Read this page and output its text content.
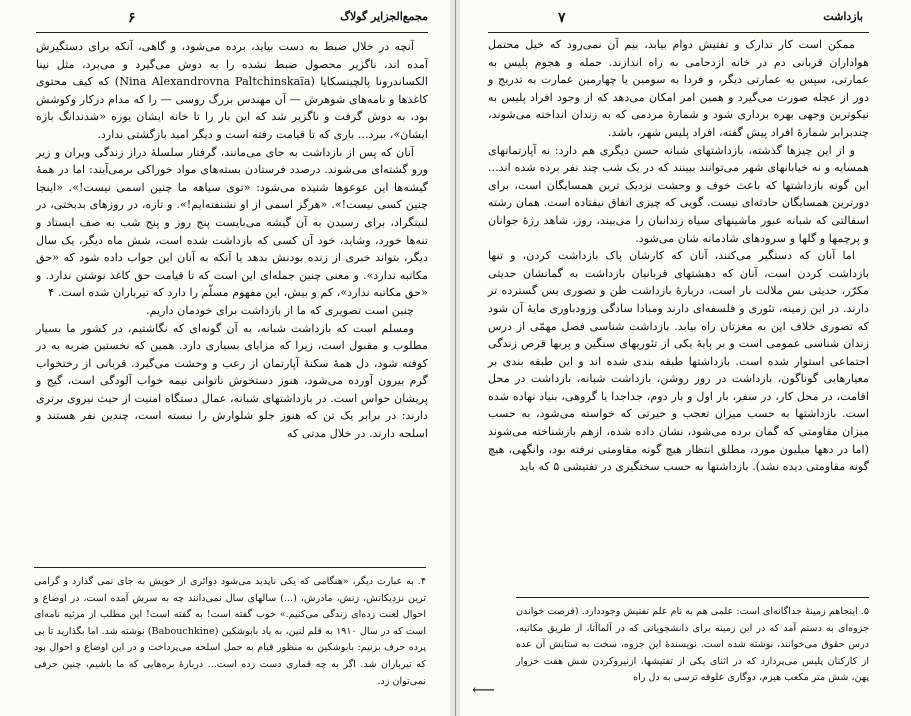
مجمع‌الجزایر گولاگ
۶

آنچه در خلال ضبط به دست بیاید، برده می‌شود، و گاهی، آنکه برای دستگیرش آمده اند، ناگزیر محصول ضبط نشده را به دوش می‌گیرد و می‌برد، مثل نینا الکساندرونا پالچینسکایا (Nina Alexandrovna Paltchinskaïa) که کیف محتوی کاغذها و نامه‌های شوهرش — آن مهندس بزرگ روسی — را که مدام درکار وکوشش بود، به دوش گرفت و ناگزیر شد که این بار را تا خانه ایشان یوزه «شدندانگ بازه ایشان»، ببرد... باری که تا قیامت رفته است و دیگر امید بازگشتی ندارد.

آنان که پس از بازداشت به جای می‌مانند، گرفتار سلسلهٔ دراز زندگی ویران و زیر ورو گشته‌ای می‌شوند. درصدد فرستادن بسته‌های مواد خوراکی برمی‌آیند: اما در همهٔ گیشه‌ها این عوعوها شنیده می‌شود: «توی سیاهه ما چنین اسمی نیست!». «اینجا چنین کسی نیست!». «هرگز اسمی از او نشنفته‌ایم!». و تازه، در روزهای بدبختی، در لنینگراد، برای رسیدن به آن گیشه می‌بایست پنج روز و پنج شب به صف ایستاد و تنه‌ها خورد، وشاید، خود آن کسی که بازداشت شده است، شش ماه دیگر، یک سال دیگر، بتواند خبری از زنده بودنش بدهد یا آنکه به آنان این جواب داده شود که «حق مکاتبه ندارد». و معنی چنین جمله‌ای این است که تا قیامت حق کاغذ نوشتن ندارد. و «حق مکاتبه ندارد»، کم و بیش، این مفهوم مسلّم را دارد که تیرباران شده است. ۴

چنین است تصویری که ما از بازداشت برای خودمان داریم.

ومسلم است که بازداشت شبانه، به آن گونه‌ای که نگاشتیم، در کشور ما بسیار مطلوب و مقبول است، زیرا که مزایای بسیاری دارد. همین که نخستین ضربه به در کوفته شود، دل همهٔ سکنهٔ آپارتمان از رعب و وحشت می‌گیرد. قربانی از رختخواب گرم بیرون آورده می‌شود، هنوز دستخوش ناتوانی نیمه خواب آلودگی است، گیج و پریشان حواس است. در بازداشتهای شبانه، عمال دستگاه امنیت از حیث نیروی برتری دارند: در برابر یک تن که هنوز جلو شلوارش را نبسته است، چندین نفر هستند و اسلحه دارند. در خلال مدتی که

۴. به عبارت دیگر، «هنگامی که یکی ناپدید می‌شود دوائری از خویش به جای نمی گذارد و گرامی ترین نزدیکانش، زنش، مادرش، (...) سالهای سال نمی‌دانند چه به سرش آمده است، در اوضاع و احوال لعنت زده‌ای زندگی می‌کنیم.» خوب گفته است! به گفته است! این مطلب از مرثیه نامه‌ای است که در سال ۱۹۱۰ به قلم لنین، به یاد بابوشکین (Babouchkine) نوشته شد. اما بگذارید تا بی پرده حرف بزنیم: بابوشکین به منظور قیام به حمل اسلحه می‌پرداخت و در این اوضاع و احوال بود که تیرباران شد. اگر به چه قماری دست زده است... دربارهٔ بره‌هایی که ما باشیم، چنین حرفی نمی‌توان زد.
بازداشت
۷

ممکن است کار تدارک و تفتیش دوام بیابد، بیم آن نمی‌رود که خیل محتمل هواداران قربانی دم در خانه ازدحامی به راه اندازند. حمله و هجوم پلیس به عمارتی، سپس به عمارتی دیگر، و فردا به سومین یا چهارمین عمارت به تدریج و دور از عجله صورت می‌گیرد و همین امر امکان می‌دهد که از وجود افراد پلیس به نیکوترین وجهی بهره برداری شود و شمارهٔ مردمی که به زندان انداخته می‌شوند، چندبرابر شمارهٔ افراد پیش گفته، افراد پلیس شهر، باشد.

و از این چیزها گذشته، بازداشتهای شبانه حسن دیگری هم دارد: نه آپارتمانهای همسایه و نه خیابانهای شهر می‌توانند ببینند که در یک شب چند نفر برده شده اند... این گونه بازداشتها که باعث خوف و وحشت نزدیک ترین همسایگان است، برای دورترین همسایگان حادثه‌ای نیست. گویی که چیزی اتفاق نیفتاده است. همان رشته اسفالتی که شبانه عبور ماشینهای سیاه زندانبان را می‌بیند، روز، شاهد رژهٔ جوانان و پرچمها و گلها و سرودهای شادمانه شان می‌شود.

اما آنان که دستگیر می‌کنند، آنان که کارشان پاک بازداشت کردن، و تنها بازداشت کردن است، آنان که دهشتهای قربانیان بازداشت به گمانشان حدیثی مکرّر، حدیثی بس ملالت بار است، دربارهٔ بازداشت ظن و تصوری بس گسترده تر دارند. در این زمینه، تئوری و فلسفه‌ای دارند ومبادا سادگی وزودباوری مایهٔ آن شود که تصوری خلاف این به مغزتان راه بیابد. بازداشت شناسی فصل مهمّی از درس زندان شناسی عمومی است و بر پایهٔ یکی از تئوریهای سنگین و پربها قرص زندگی اجتماعی استوار شده است. بازداشتها طبقه بندی شده اند و این طبقه بندی بر معیارهایی گوناگون، بازداشت در روز روشن، بازداشت شبانه، بازداشت در محل اقامت، در محل کار، در سفر، بار اول و بار دوم، جداجدا یا گروهی، بنیاد نهاده شده است. بازداشتها به حسب میزان تعجب و حیرتی که خواسته می‌شود، به حسب میزان مقاومتی که گمان برده می‌شود، نشان داده شده، ازهم بازشناخته می‌شوند (اما در دهها میلیون مورد، مطلق انتظار هیچ گونه مقاومتی نرفته بود، وانگهی، هیچ گونه مقاومتی دیده نشد). بازداشتها به حسب سختگیری در تفتیشی ۵ که باید

۵. اینجاهم زمینهٔ جداگانه‌ای است: علمی هم به نام علم تفتیش وجوددارد. (فرصت خواندن جزوه‌ای به دستم آمد که در این زمینه برای دانشجویانی که در آلماآتا، از طریق مکاتبه، درس حقوق می‌خوانند، نوشته شده است. نویسندهٔ این جزوه، سخت به ستایش آن عده از کارکنان پلیس می‌پردازد که در اثنای یکی از تفتیشها، ازنیروکردن شش هفت خروار پهن، شش متر مکعب هیزم، دوگاری علوفه ترسی به دل راه
⟵
